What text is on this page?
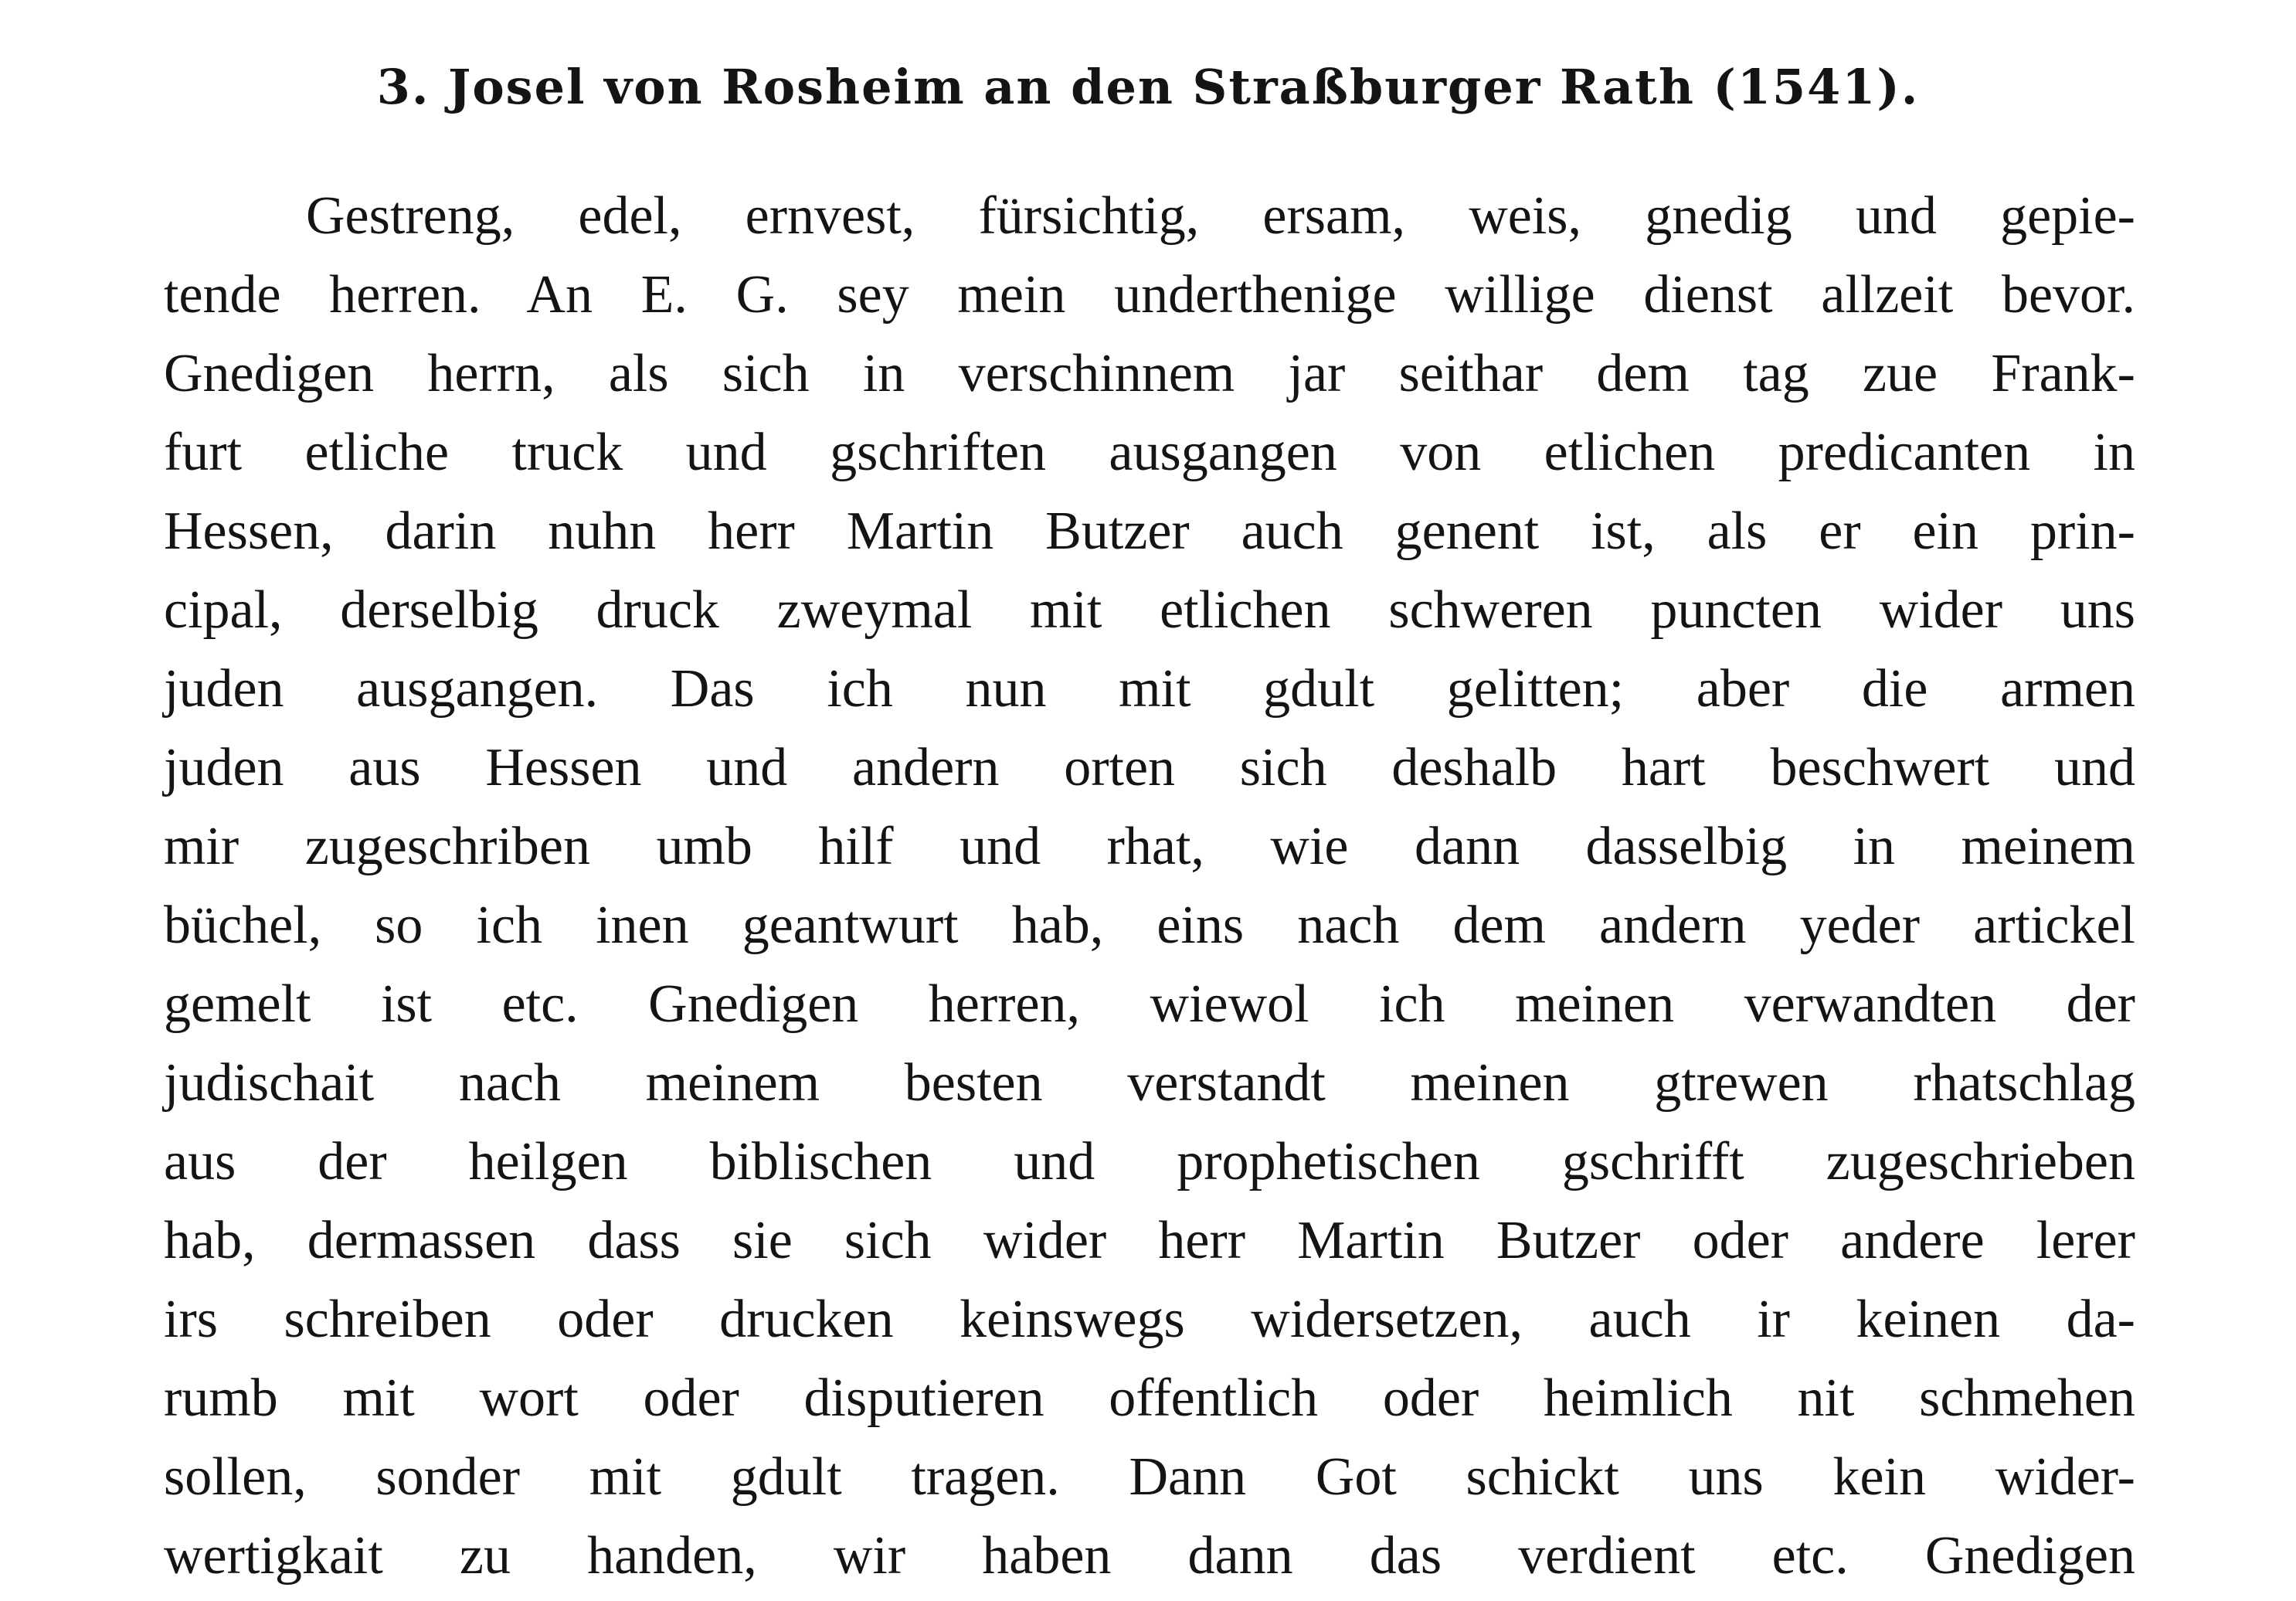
3. Josel von Rosheim an den Straßburger Rath (1541).
Gestreng, edel, ernvest, fürsichtig, ersam, weis, gnedig und gepie-
tende herren. An E. G. sey mein underthenige willige dienst allzeit bevor.
Gnedigen herrn, als sich in verschinnem jar seithar dem tag zue Frank-
furt etliche truck und gschriften ausgangen von etlichen predicanten in
Hessen, darin nuhn herr Martin Butzer auch genent ist, als er ein prin-
cipal, derselbig druck zweymal mit etlichen schweren puncten wider uns
juden ausgangen. Das ich nun mit gdult gelitten; aber die armen
juden aus Hessen und andern orten sich deshalb hart beschwert und
mir zugeschriben umb hilf und rhat, wie dann dasselbig in meinem
büchel, so ich inen geantwurt hab, eins nach dem andern yeder artickel
gemelt ist etc. Gnedigen herren, wiewol ich meinen verwandten der
judischait nach meinem besten verstandt meinen gtrewen rhatschlag
aus der heilgen biblischen und prophetischen gschrifft zugeschrieben
hab, dermassen dass sie sich wider herr Martin Butzer oder andere lerer
irs schreiben oder drucken keinswegs widersetzen, auch ir keinen da-
rumb mit wort oder disputieren offentlich oder heimlich nit schmehen
sollen, sonder mit gdult tragen. Dann Got schickt uns kein wider-
wertigkait zu handen, wir haben dann das verdient etc. Gnedigen
